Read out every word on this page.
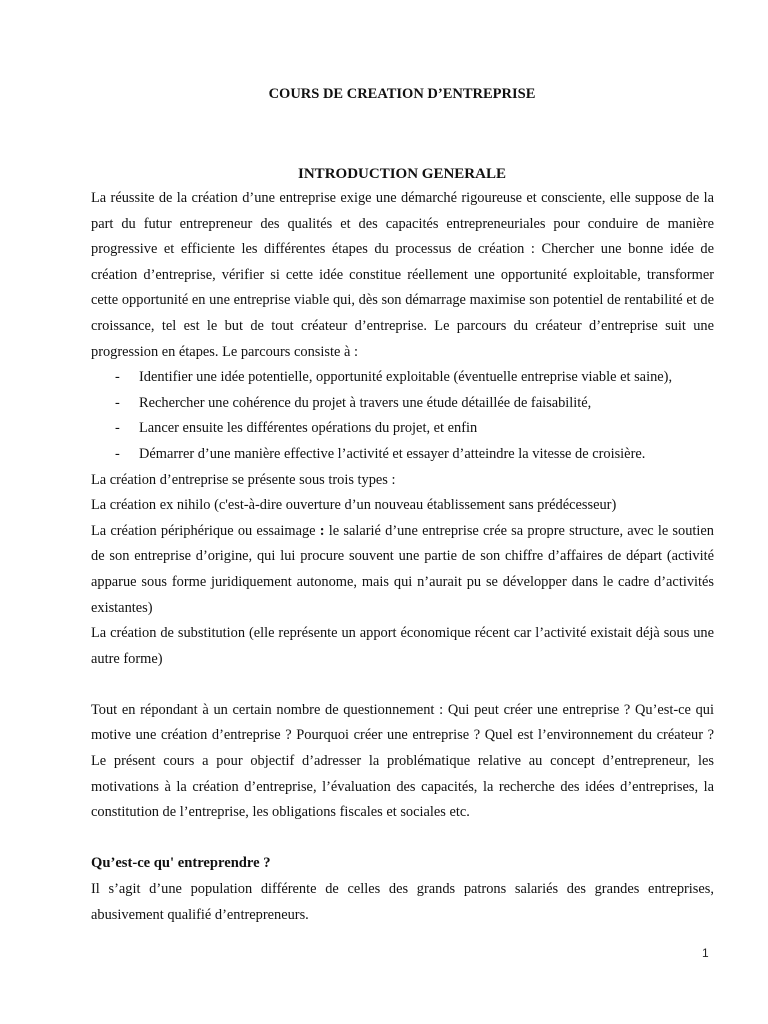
COURS DE CREATION D’ENTREPRISE
INTRODUCTION GENERALE

La réussite de la création d’une entreprise exige une démarché rigoureuse et consciente, elle suppose de la part du futur entrepreneur des qualités et des capacités entrepreneuriales pour conduire de manière progressive et efficiente les différentes étapes du processus de création : Chercher une bonne idée de création d’entreprise, vérifier si cette idée constitue réellement une opportunité exploitable, transformer cette opportunité en une entreprise viable qui, dès son démarrage maximise son potentiel de rentabilité et de croissance, tel est le but de tout créateur d’entreprise. Le parcours du créateur d’entreprise suit une progression en étapes. Le parcours consiste à :

- Identifier une idée potentielle, opportunité exploitable (éventuelle entreprise viable et saine),
- Rechercher une cohérence du projet à travers une étude détaillée de faisabilité,
- Lancer ensuite les différentes opérations du projet, et enfin
- Démarrer d’une manière effective l’activité et essayer d’atteindre la vitesse de croisière.

La création d’entreprise se présente sous trois types :

La création ex nihilo (c'est-à-dire ouverture d’un nouveau établissement sans prédécesseur)

La création périphérique ou essaimage : le salarié d’une entreprise crée sa propre structure, avec le soutien de son entreprise d’origine, qui lui procure souvent une partie de son chiffre d’affaires de départ (activité apparue sous forme juridiquement autonome, mais qui n’aurait pu se développer dans le cadre d’activités existantes)

La création de substitution (elle représente un apport économique récent car l’activité existait déjà sous une autre forme)

Tout en répondant à un certain nombre de questionnement : Qui peut créer une entreprise ? Qu’est-ce qui motive une création d’entreprise ? Pourquoi créer une entreprise ? Quel est l’environnement du créateur ? Le présent cours a pour objectif d’adresser la problématique relative au concept d’entrepreneur, les motivations à la création d’entreprise, l’évaluation des capacités, la recherche des idées d’entreprises, la constitution de l’entreprise, les obligations fiscales et sociales etc.

Qu’est-ce qu' entreprendre ?

Il s’agit d’une population différente de celles des grands patrons salariés des grandes entreprises, abusivement qualifié d’entrepreneurs.

1
